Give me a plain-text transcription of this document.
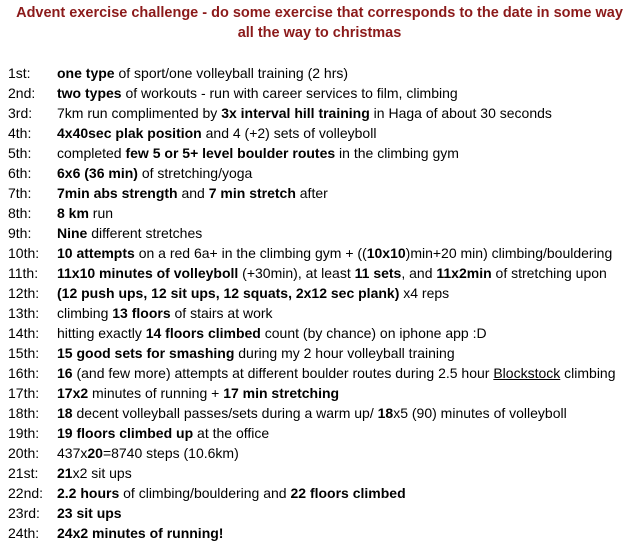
Advent exercise challenge - do some exercise that corresponds to the date in some way
all the way to christmas
1st: one type of sport/one volleyball training (2 hrs)
2nd: two types of workouts - run with career services to film, climbing
3rd: 7km run complimented by 3x interval hill training in Haga of about 30 seconds
4th: 4x40sec plak position and 4 (+2) sets of volleyboll
5th: completed few 5 or 5+ level boulder routes in the climbing gym
6th: 6x6 (36 min) of stretching/yoga
7th: 7min abs strength and 7 min stretch after
8th: 8 km run
9th: Nine different stretches
10th: 10 attempts on a red 6a+ in the climbing gym + ((10x10)min+20 min) climbing/bouldering
11th: 11x10 minutes of volleyboll (+30min), at least 11 sets, and 11x2min of stretching upon
12th: (12 push ups, 12 sit ups, 12 squats, 2x12 sec plank) x4 reps
13th: climbing 13 floors of stairs at work
14th: hitting exactly 14 floors climbed count (by chance) on iphone app :D
15th: 15 good sets for smashing during my 2 hour volleyball training
16th: 16 (and few more) attempts at different boulder routes during 2.5 hour Blockstock climbing
17th: 17x2 minutes of running + 17 min stretching
18th: 18 decent volleyball passes/sets during a warm up/ 18x5 (90) minutes of volleyboll
19th: 19 floors climbed up at the office
20th: 437x20=8740 steps (10.6km)
21st: 21x2 sit ups
22nd: 2.2 hours of climbing/bouldering and 22 floors climbed
23rd: 23 sit ups
24th: 24x2 minutes of running!
